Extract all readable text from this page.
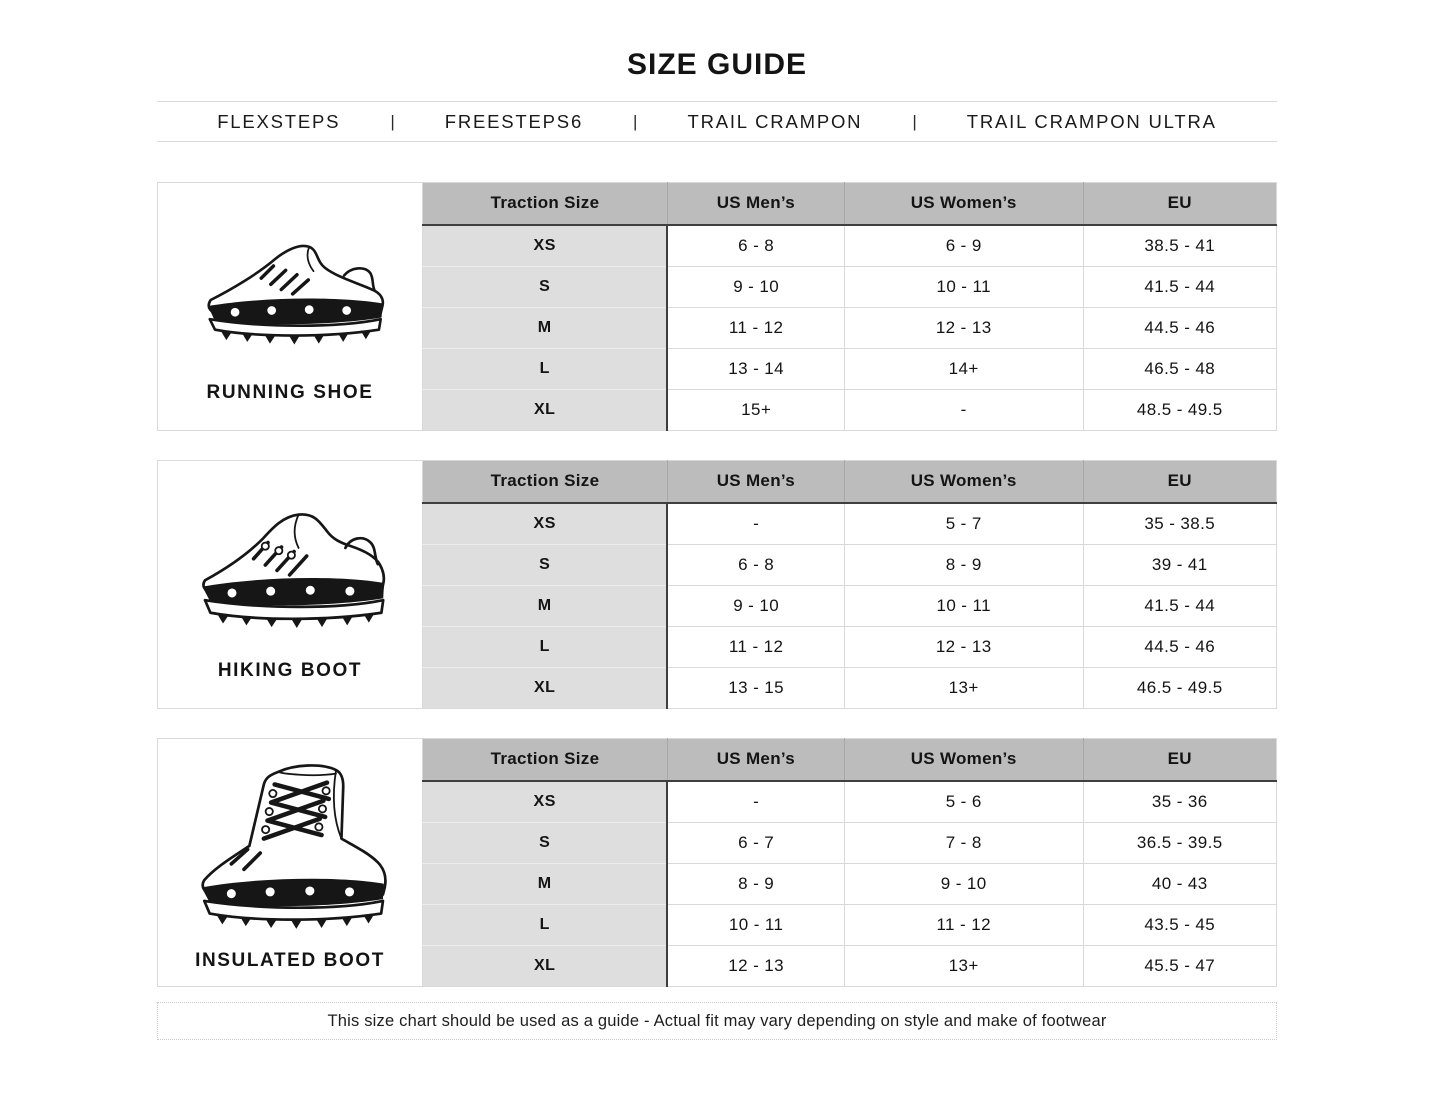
SIZE GUIDE
FLEXSTEPS	|	FREESTEPS6	|	TRAIL CRAMPON	|	TRAIL CRAMPON ULTRA
RUNNING SHOE
Traction Size	US Men’s	US Women’s	EU
XS	6 - 8	6 - 9	38.5 - 41
S	9 - 10	10 - 11	41.5 - 44
M	11 - 12	12 - 13	44.5 - 46
L	13 - 14	14+	46.5 - 48
XL	15+	-	48.5 - 49.5
HIKING BOOT
Traction Size	US Men’s	US Women’s	EU
XS	-	5 - 7	35 - 38.5
S	6 - 8	8 - 9	39 - 41
M	9 - 10	10 - 11	41.5 - 44
L	11 - 12	12 - 13	44.5 - 46
XL	13 - 15	13+	46.5 - 49.5
INSULATED BOOT
Traction Size	US Men’s	US Women’s	EU
XS	-	5 - 6	35 - 36
S	6 - 7	7 - 8	36.5 - 39.5
M	8 - 9	9 - 10	40 - 43
L	10 - 11	11 - 12	43.5 - 45
XL	12 - 13	13+	45.5 - 47
This size chart should be used as a guide - Actual fit may vary depending on style and make of footwear
